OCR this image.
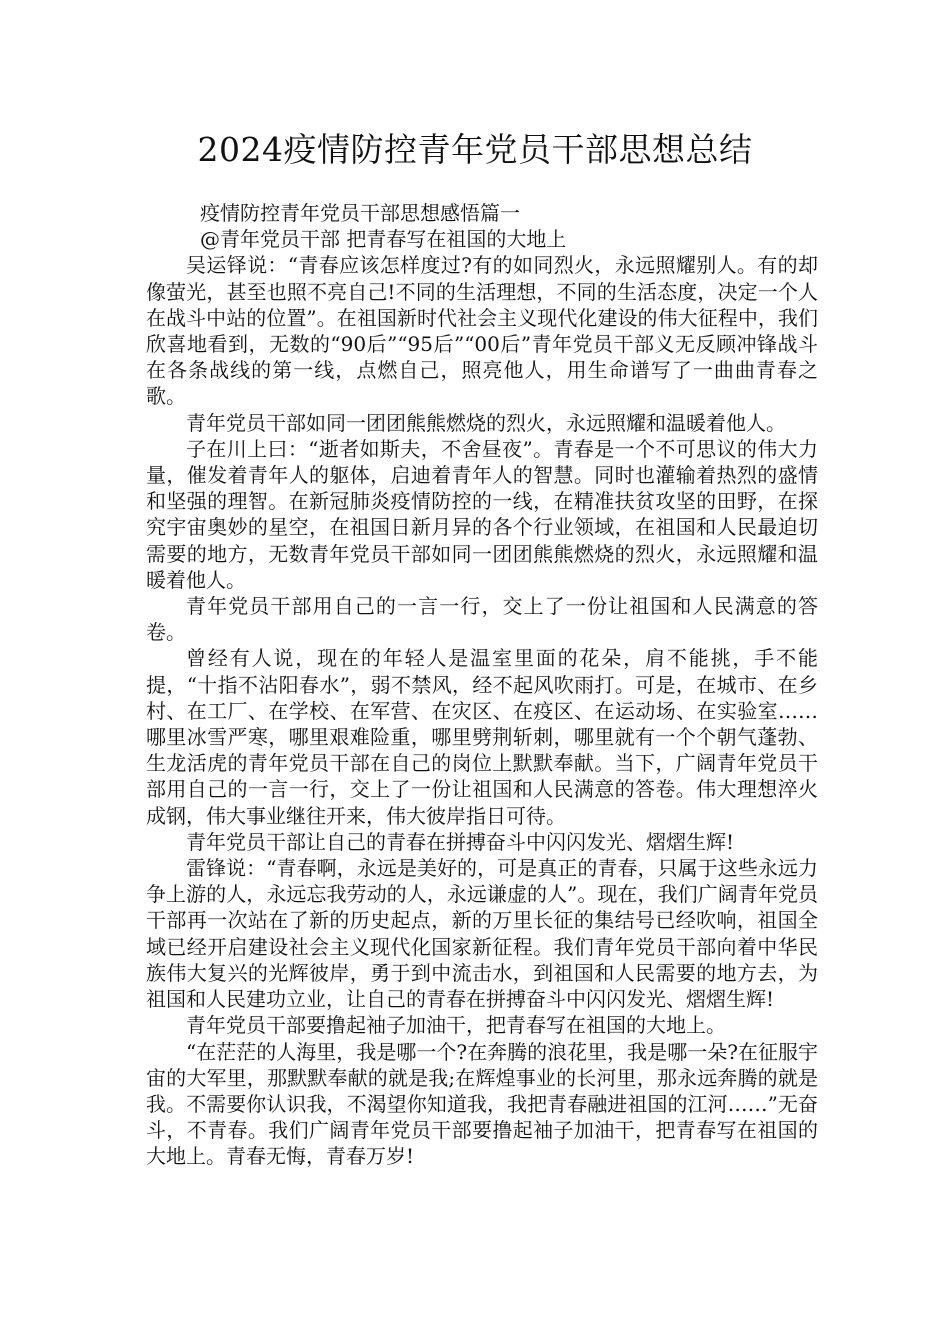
2024疫情防控青年党员干部思想总结

疫情防控青年党员干部思想感悟篇一

@青年党员干部 把青春写在祖国的大地上

吴运铎说：“青春应该怎样度过?有的如同烈火，永远照耀别人。有的却像萤光，甚至也照不亮自己!不同的生活理想，不同的生活态度，决定一个人在战斗中站的位置”。在祖国新时代社会主义现代化建设的伟大征程中，我们欣喜地看到，无数的“90后”“95后”“00后”青年党员干部义无反顾冲锋战斗在各条战线的第一线，点燃自己，照亮他人，用生命谱写了一曲曲青春之歌。

青年党员干部如同一团团熊熊燃烧的烈火，永远照耀和温暖着他人。

子在川上曰：“逝者如斯夫，不舍昼夜”。青春是一个不可思议的伟大力量，催发着青年人的躯体，启迪着青年人的智慧。同时也灌输着热烈的盛情和坚强的理智。在新冠肺炎疫情防控的一线，在精准扶贫攻坚的田野，在探究宇宙奥妙的星空，在祖国日新月异的各个行业领域，在祖国和人民最迫切需要的地方，无数青年党员干部如同一团团熊熊燃烧的烈火，永远照耀和温暖着他人。

青年党员干部用自己的一言一行，交上了一份让祖国和人民满意的答卷。

曾经有人说，现在的年轻人是温室里面的花朵，肩不能挑，手不能提，“十指不沾阳春水”，弱不禁风，经不起风吹雨打。可是，在城市、在乡村、在工厂、在学校、在军营、在灾区、在疫区、在运动场、在实验室……哪里冰雪严寒，哪里艰难险重，哪里劈荆斩刺，哪里就有一个个朝气蓬勃、生龙活虎的青年党员干部在自己的岗位上默默奉献。当下，广阔青年党员干部用自己的一言一行，交上了一份让祖国和人民满意的答卷。伟大理想淬火成钢，伟大事业继往开来，伟大彼岸指日可待。

青年党员干部让自己的青春在拼搏奋斗中闪闪发光、熠熠生辉!

雷锋说：“青春啊，永远是美好的，可是真正的青春，只属于这些永远力争上游的人，永远忘我劳动的人，永远谦虚的人”。现在，我们广阔青年党员干部再一次站在了新的历史起点，新的万里长征的集结号已经吹响，祖国全域已经开启建设社会主义现代化国家新征程。我们青年党员干部向着中华民族伟大复兴的光辉彼岸，勇于到中流击水，到祖国和人民需要的地方去，为祖国和人民建功立业，让自己的青春在拼搏奋斗中闪闪发光、熠熠生辉!

青年党员干部要撸起袖子加油干，把青春写在祖国的大地上。

“在茫茫的人海里，我是哪一个?在奔腾的浪花里，我是哪一朵?在征服宇宙的大军里，那默默奉献的就是我;在辉煌事业的长河里，那永远奔腾的就是我。不需要你认识我，不渴望你知道我，我把青春融进祖国的江河……”无奋斗，不青春。我们广阔青年党员干部要撸起袖子加油干，把青春写在祖国的大地上。青春无悔，青春万岁!
